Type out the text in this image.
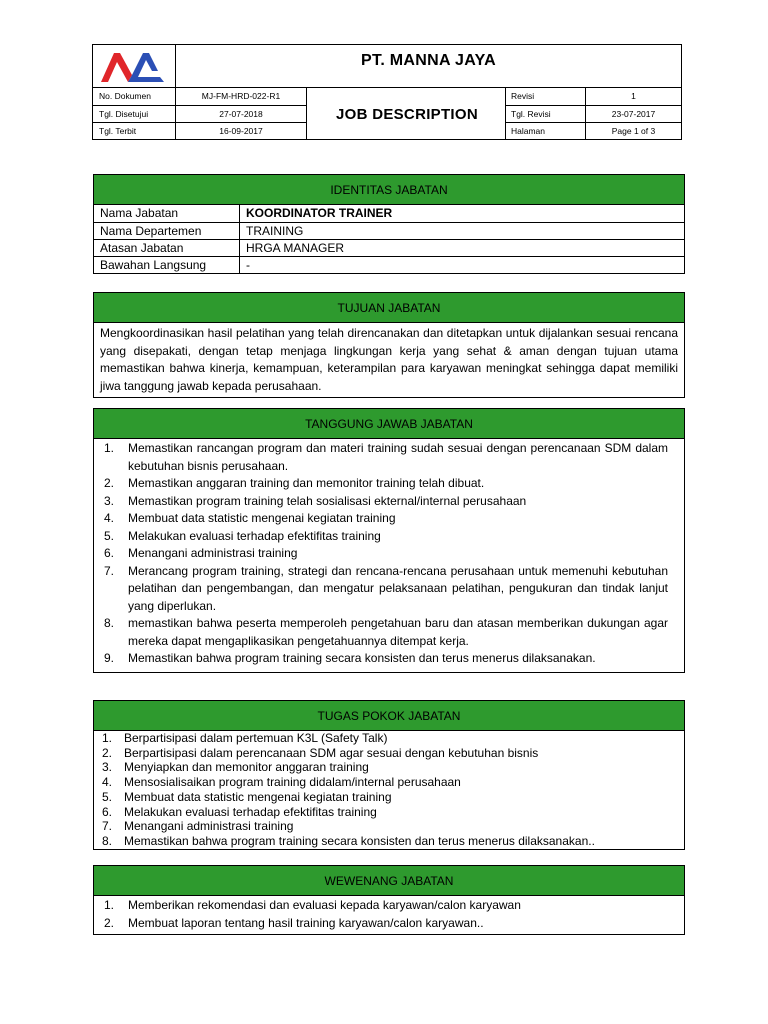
PT. MANNA JAYA
No. Dokumen	MJ-FM-HRD-022-R1
Tgl. Disetujui	27-07-2018
Tgl. Terbit	16-09-2017
JOB DESCRIPTION
Revisi	1
Tgl. Revisi	23-07-2017
Halaman	Page 1 of 3
IDENTITAS JABATAN
Nama Jabatan	KOORDINATOR TRAINER
Nama Departemen	TRAINING
Atasan Jabatan	HRGA MANAGER
Bawahan Langsung	-
TUJUAN JABATAN
Mengkoordinasikan hasil pelatihan yang telah direncanakan dan ditetapkan untuk dijalankan sesuai rencana yang disepakati, dengan tetap menjaga lingkungan kerja yang sehat & aman dengan tujuan utama memastikan bahwa kinerja, kemampuan, keterampilan para karyawan meningkat sehingga dapat memiliki jiwa tanggung jawab kepada perusahaan.
TANGGUNG JAWAB JABATAN
1.	Memastikan rancangan program dan materi training sudah sesuai dengan perencanaan SDM dalam kebutuhan bisnis perusahaan.
2.	Memastikan anggaran training dan memonitor training telah dibuat.
3.	Memastikan program training telah sosialisasi ekternal/internal perusahaan
4.	Membuat data statistic mengenai kegiatan training
5.	Melakukan evaluasi terhadap efektifitas training
6.	Menangani administrasi training
7.	Merancang program training, strategi dan rencana-rencana perusahaan untuk memenuhi kebutuhan pelatihan dan pengembangan, dan mengatur pelaksanaan pelatihan, pengukuran dan tindak lanjut yang diperlukan.
8.	memastikan bahwa peserta memperoleh pengetahuan baru dan atasan memberikan dukungan agar mereka dapat mengaplikasikan pengetahuannya ditempat kerja.
9.	Memastikan bahwa program training secara konsisten dan terus menerus dilaksanakan.
TUGAS POKOK JABATAN
1. Berpartisipasi dalam pertemuan K3L (Safety Talk)
2. Berpartisipasi dalam perencanaan SDM agar sesuai dengan kebutuhan bisnis
3. Menyiapkan dan memonitor anggaran training
4. Mensosialisaikan program training didalam/internal perusahaan
5. Membuat data statistic mengenai kegiatan training
6. Melakukan evaluasi terhadap efektifitas training
7. Menangani administrasi training
8. Memastikan bahwa program training secara konsisten dan terus menerus dilaksanakan..
WEWENANG JABATAN
1.	Memberikan rekomendasi dan evaluasi kepada karyawan/calon karyawan
2.	Membuat laporan tentang hasil training karyawan/calon karyawan..
